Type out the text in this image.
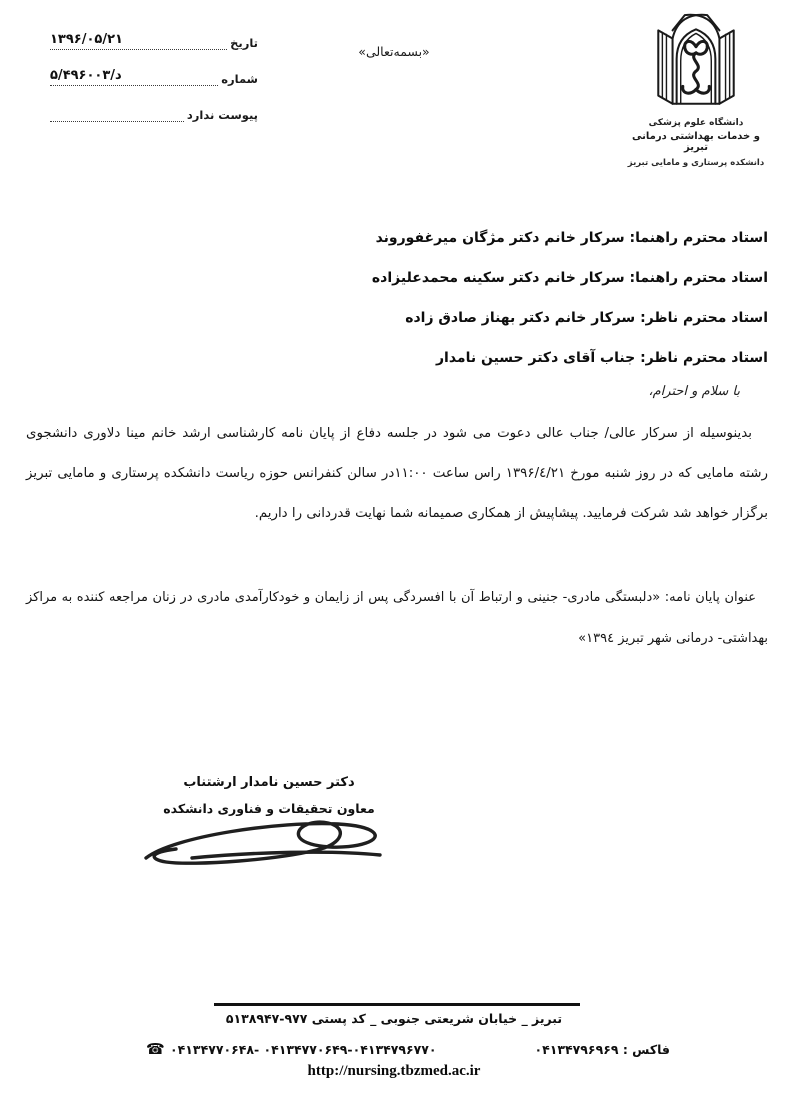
تاریخ
۱۳۹۶/۰۵/۲۱
شماره
۵/د/۴۹۶۰۰۳
پیوست ندارد
«بسمه‌تعالی»
دانشگاه علوم پزشکی
و خدمات بهداشتی درمانی تبریز
دانشکده پرستاری و مامایی تبریز
استاد محترم راهنما: سرکار خانم دکتر مژگان میرغفوروند
استاد محترم راهنما: سرکار خانم دکتر سکینه محمدعلیزاده
استاد محترم ناظر: سرکار خانم دکتر بهناز صادق زاده
استاد محترم ناظر: جناب آقای دکتر حسین نامدار
با سلام و احترام،
بدینوسیله از سرکار عالی/ جناب عالی دعوت می شود در جلسه دفاع از پایان نامه کارشناسی ارشد خانم مینا دلاوری دانشجوی رشته مامایی که در روز شنبه مورخ ۱۳۹۶/٤/۲۱ راس ساعت ۱۱:۰۰در سالن کنفرانس حوزه ریاست دانشکده پرستاری و مامایی تبریز برگزار خواهد شد شرکت فرمایید. پیشاپیش از همکاری صمیمانه شما نهایت قدردانی را داریم.
عنوان پایان نامه: «دلبستگی مادری- جنینی و ارتباط آن با افسردگی پس از زایمان و خودکارآمدی مادری در زنان مراجعه کننده به مراکز بهداشتی- درمانی شهر تبریز ۱۳۹٤»
دکتر حسین نامدار ارشتناب
معاون تحقیقات و فناوری دانشکده
تبریز _ خیابان شریعتی جنوبی _ کد پستی ۹۷۷-۵۱۳۸۹۴۷
☎ ۰۴۱۳۴۷۷۰۶۴۸- ۰۴۱۳۴۷۷۰۶۴۹-۰۴۱۳۴۷۹۶۷۷۰	فاکس : ۰۴۱۳۴۷۹۶۹۶۹
http://nursing.tbzmed.ac.ir
